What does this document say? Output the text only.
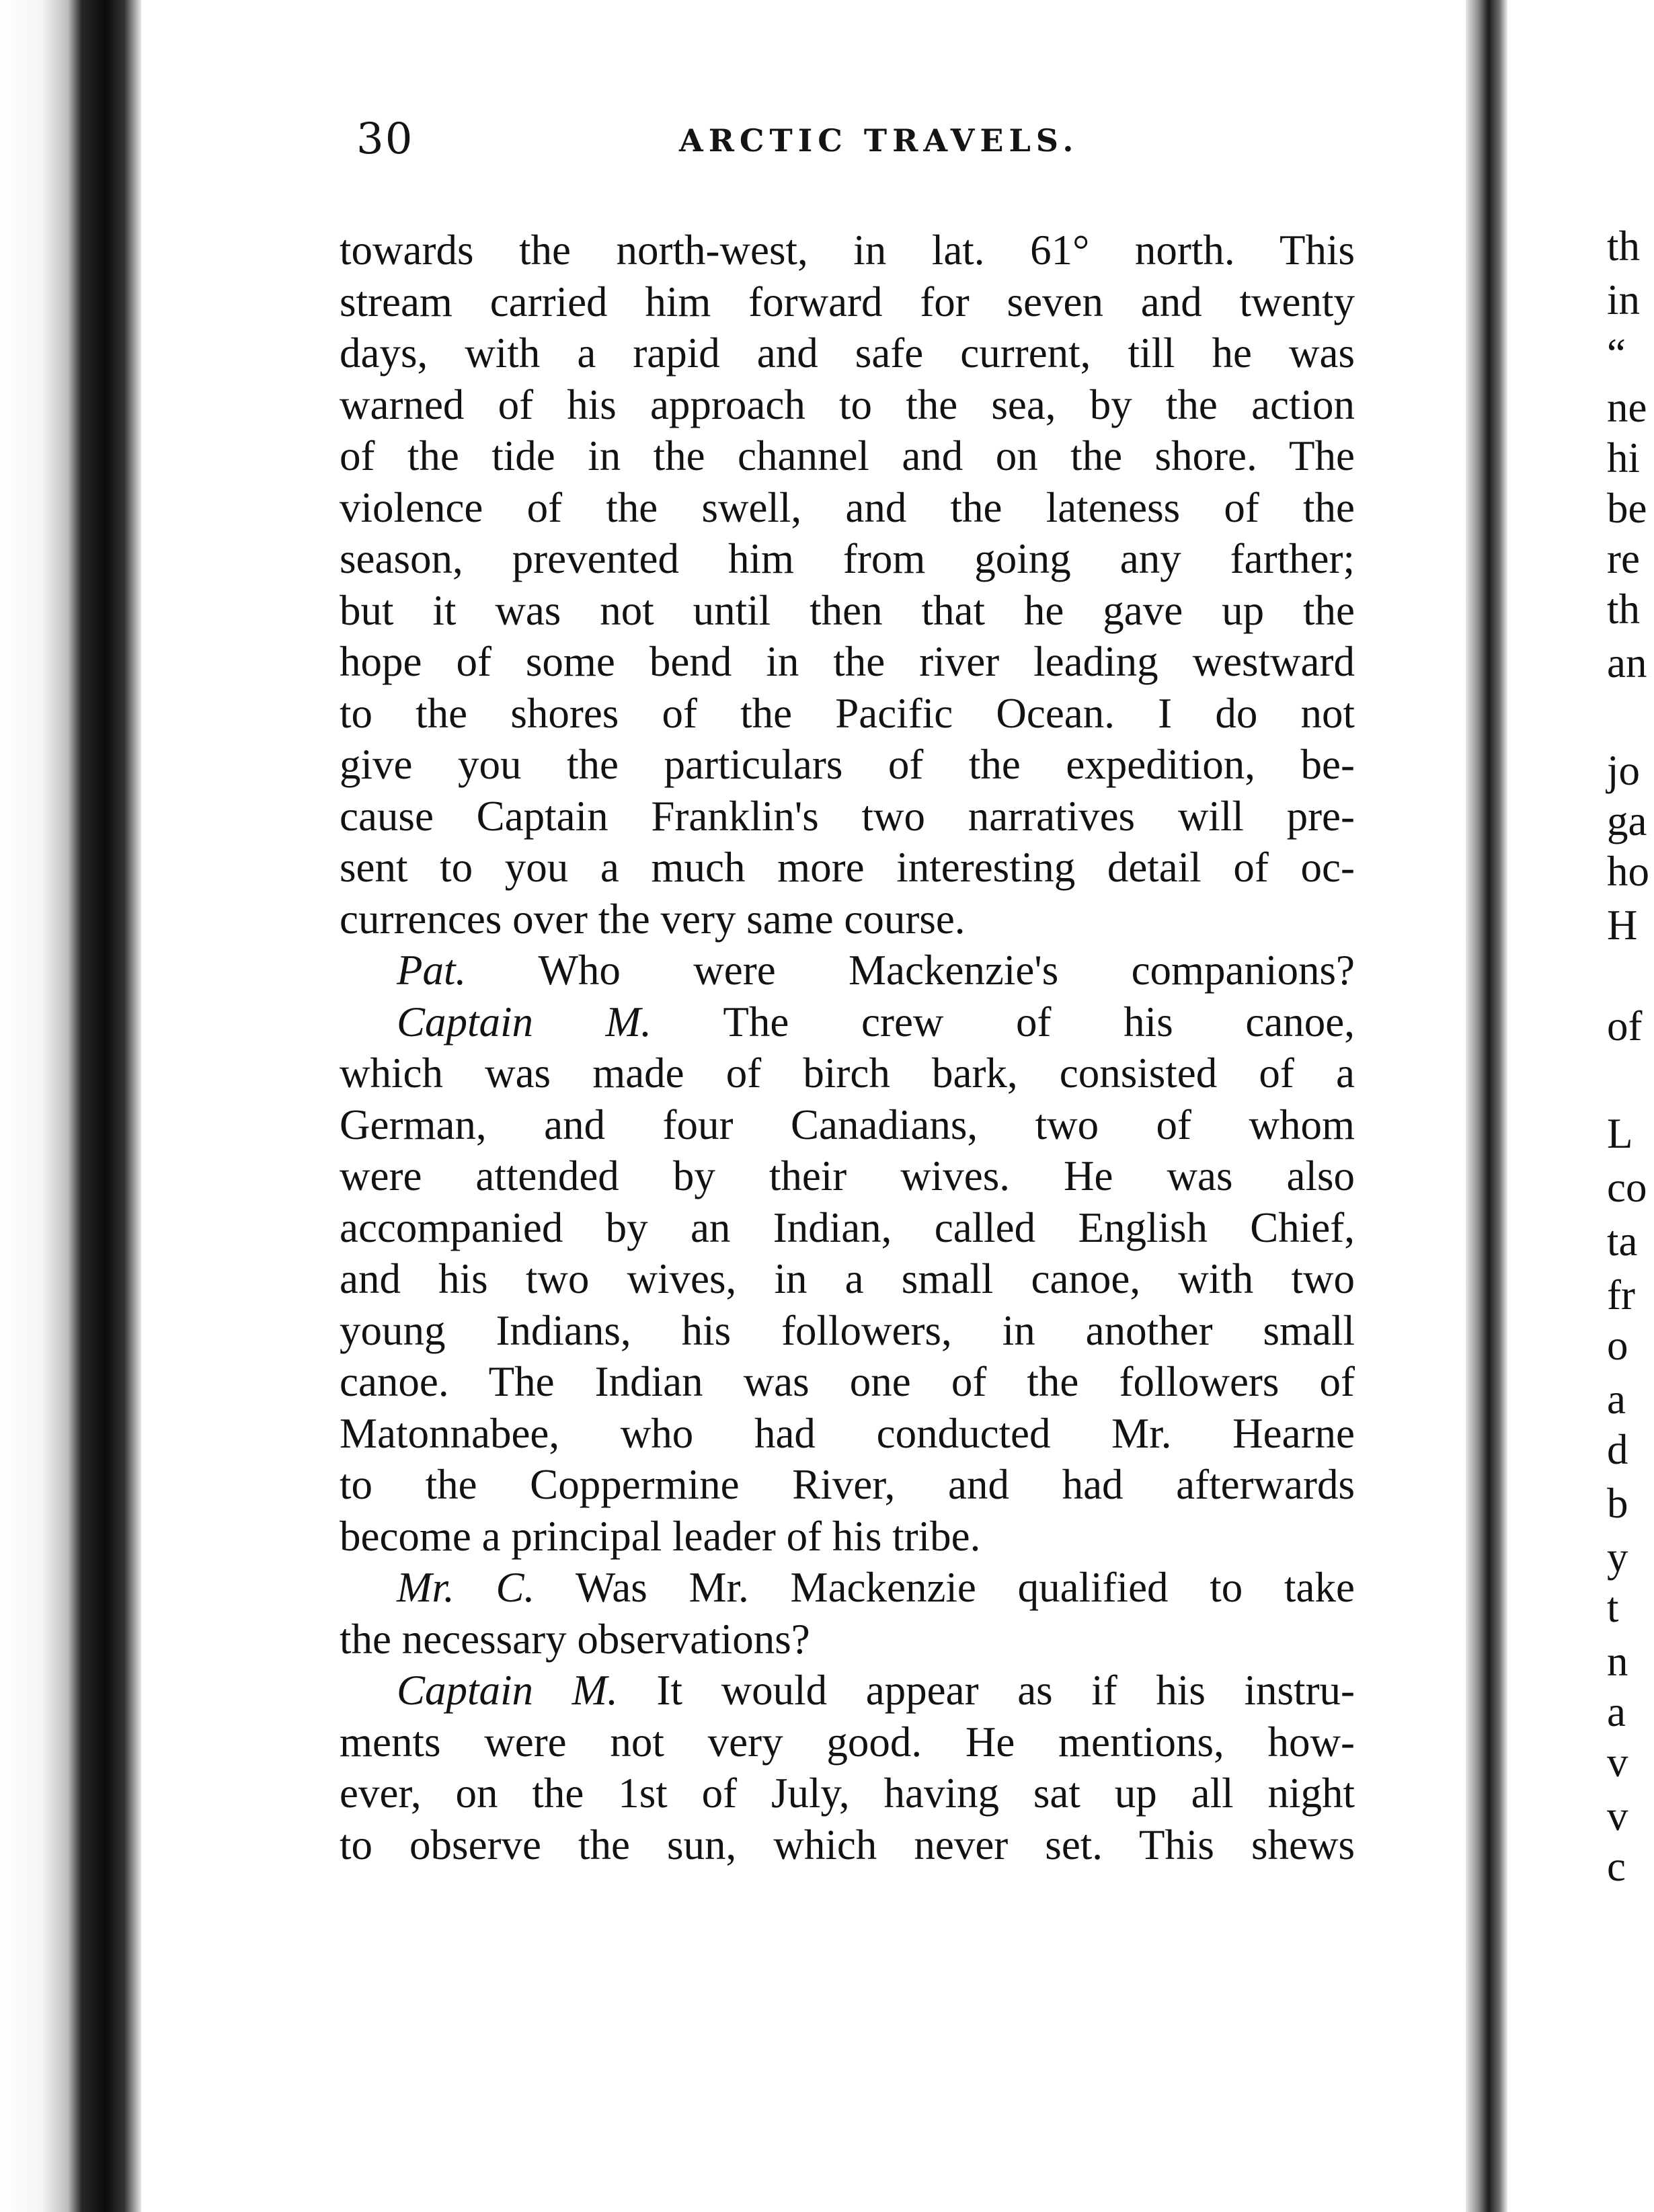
30	ARCTIC TRAVELS.
towards the north-west, in lat. 61° north. This
stream carried him forward for seven and twenty
days, with a rapid and safe current, till he was
warned of his approach to the sea, by the action
of the tide in the channel and on the shore. The
violence of the swell, and the lateness of the
season, prevented him from going any farther;
but it was not until then that he gave up the
hope of some bend in the river leading westward
to the shores of the Pacific Ocean. I do not
give you the particulars of the expedition, be-
cause Captain Franklin's two narratives will pre-
sent to you a much more interesting detail of oc-
currences over the very same course.
Pat. Who were Mackenzie's companions?
Captain M. The crew of his canoe,
which was made of birch bark, consisted of a
German, and four Canadians, two of whom
were attended by their wives. He was also
accompanied by an Indian, called English Chief,
and his two wives, in a small canoe, with two
young Indians, his followers, in another small
canoe. The Indian was one of the followers of
Matonnabee, who had conducted Mr. Hearne
to the Coppermine River, and had afterwards
become a principal leader of his tribe.
Mr. C. Was Mr. Mackenzie qualified to take
the necessary observations?
Captain M. It would appear as if his instru-
ments were not very good. He mentions, how-
ever, on the 1st of July, having sat up all night
to observe the sun, which never set. This shews
th
in
“
ne
hi
be
re
th
an
jo
ga
ho
H
of
L
co
ta
fr
o
a
d
b
y
t
n
a
v
v
c
